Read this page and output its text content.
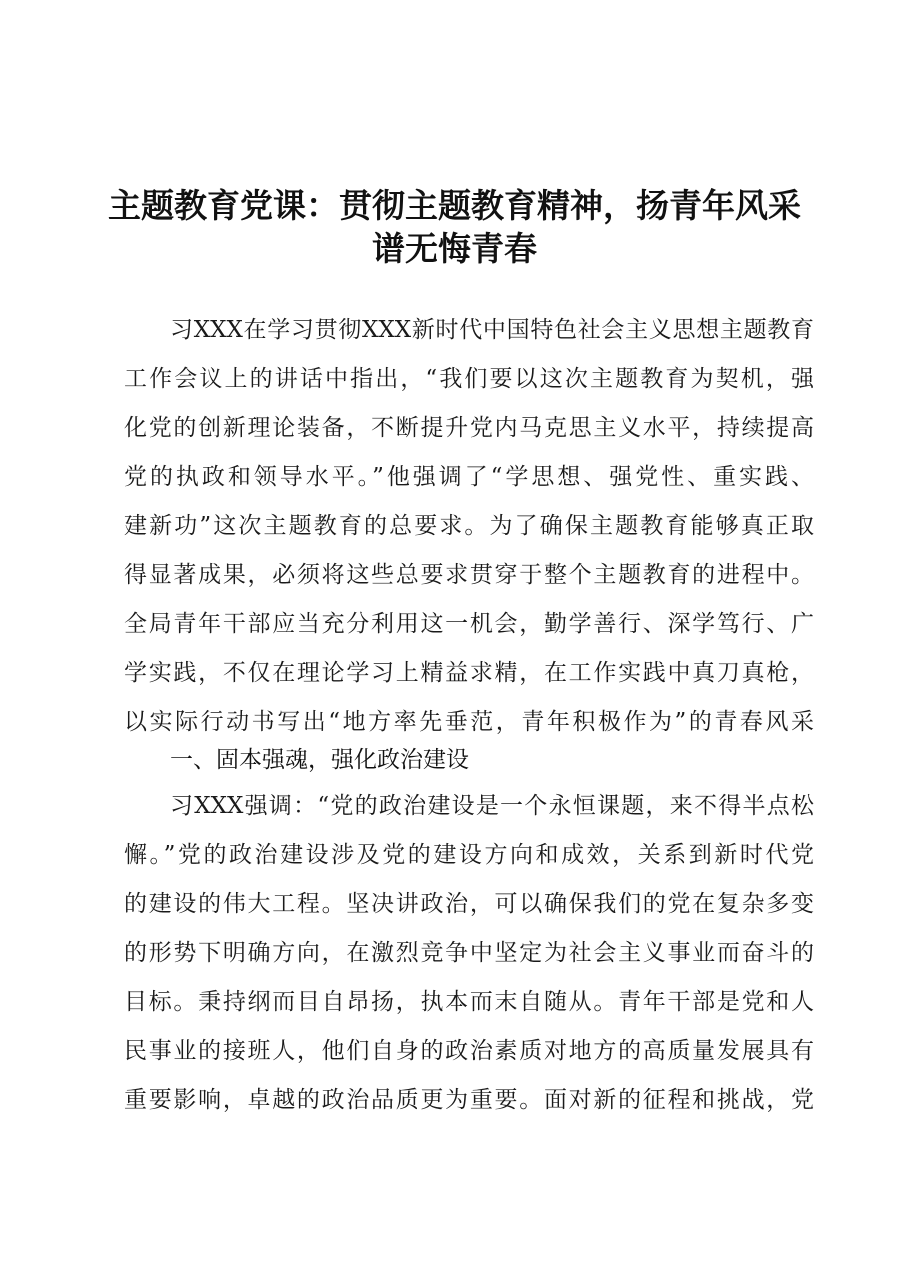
主题教育党课：贯彻主题教育精神，扬青年风采
谱无悔青春
习XXX在学习贯彻XXX新时代中国特色社会主义思想主题教育
工作会议上的讲话中指出，“我们要以这次主题教育为契机，强
化党的创新理论装备，不断提升党内马克思主义水平，持续提高
党的执政和领导水平。”他强调了“学思想、强党性、重实践、
建新功”这次主题教育的总要求。为了确保主题教育能够真正取
得显著成果，必须将这些总要求贯穿于整个主题教育的进程中。
全局青年干部应当充分利用这一机会，勤学善行、深学笃行、广
学实践，不仅在理论学习上精益求精，在工作实践中真刀真枪，
以实际行动书写出“地方率先垂范，青年积极作为”的青春风采
一、固本强魂，强化政治建设
习XXX强调：“党的政治建设是一个永恒课题，来不得半点松
懈。”党的政治建设涉及党的建设方向和成效，关系到新时代党
的建设的伟大工程。坚决讲政治，可以确保我们的党在复杂多变
的形势下明确方向，在激烈竞争中坚定为社会主义事业而奋斗的
目标。秉持纲而目自昂扬，执本而末自随从。青年干部是党和人
民事业的接班人，他们自身的政治素质对地方的高质量发展具有
重要影响，卓越的政治品质更为重要。面对新的征程和挑战，党
